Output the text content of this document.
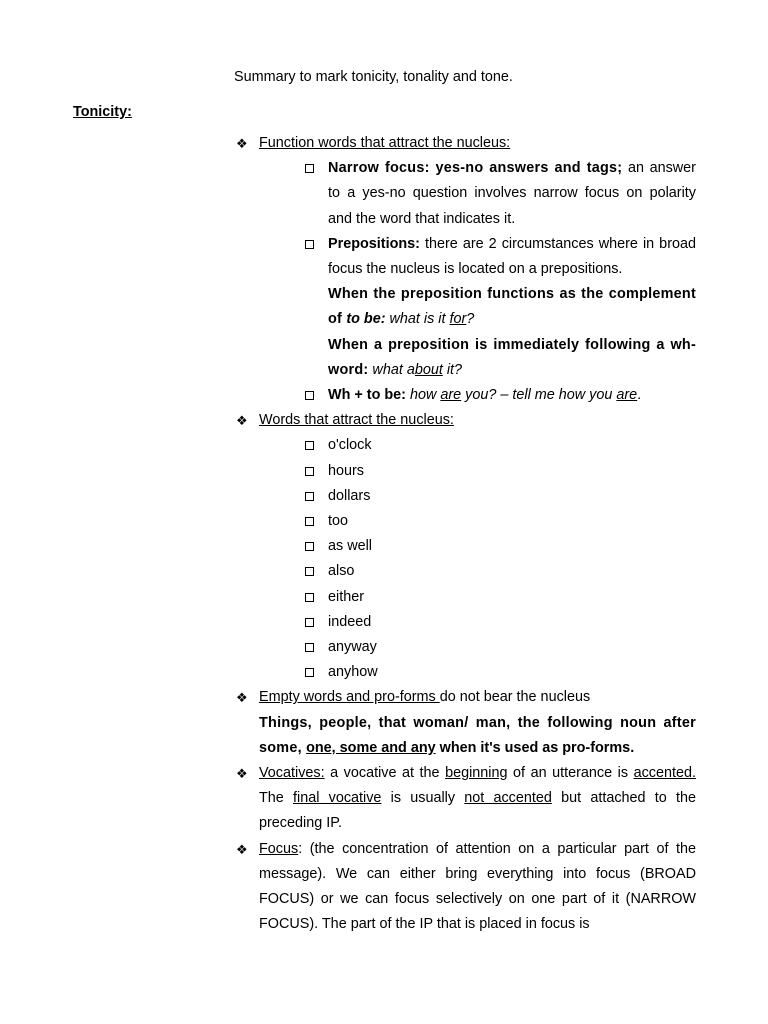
Summary to mark tonicity, tonality and tone.
Tonicity:
❖ Function words that attract the nucleus:
Narrow focus: yes-no answers and tags; an answer to a yes-no question involves narrow focus on polarity and the word that indicates it.
Prepositions: there are 2 circumstances where in broad focus the nucleus is located on a prepositions.
When the preposition functions as the complement of to be: what is it for?
When a preposition is immediately following a wh-word: what about it?
Wh + to be: how are you? – tell me how you are.
❖ Words that attract the nucleus:
o'clock
hours
dollars
too
as well
also
either
indeed
anyway
anyhow
❖ Empty words and pro-forms do not bear the nucleus
Things, people, that woman/ man, the following noun after some, one, some and any when it's used as pro-forms.
❖ Vocatives: a vocative at the beginning of an utterance is accented. The final vocative is usually not accented but attached to the preceding IP.
❖ Focus: (the concentration of attention on a particular part of the message). We can either bring everything into focus (BROAD FOCUS) or we can focus selectively on one part of it (NARROW FOCUS). The part of the IP that is placed in focus is
